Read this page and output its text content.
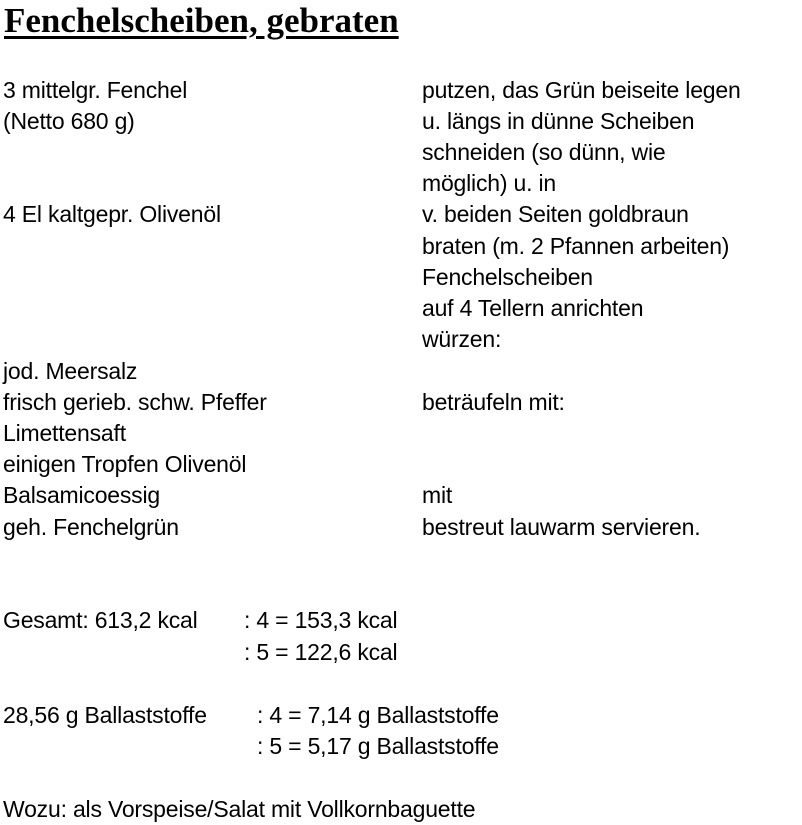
Fenchelscheiben, gebraten
3 mittelgr. Fenchel	putzen, das Grün beiseite legen
(Netto 680 g)	u. längs in dünne Scheiben
schneiden (so dünn, wie
möglich) u. in
4 El kaltgepr. Olivenöl	v. beiden Seiten goldbraun
braten (m. 2 Pfannen arbeiten)
Fenchelscheiben
auf 4 Tellern anrichten
würzen:
jod. Meersalz
frisch gerieb. schw. Pfeffer	beträufeln mit:
Limettensaft
einigen Tropfen Olivenöl
Balsamicoessig	mit
geh. Fenchelgrün	bestreut lauwarm servieren.
Gesamt: 613,2 kcal : 4 = 153,3 kcal
: 5 = 122,6 kcal
28,56 g Ballaststoffe : 4 = 7,14 g Ballaststoffe
: 5 = 5,17 g Ballaststoffe
Wozu: als Vorspeise/Salat mit Vollkornbaguette
